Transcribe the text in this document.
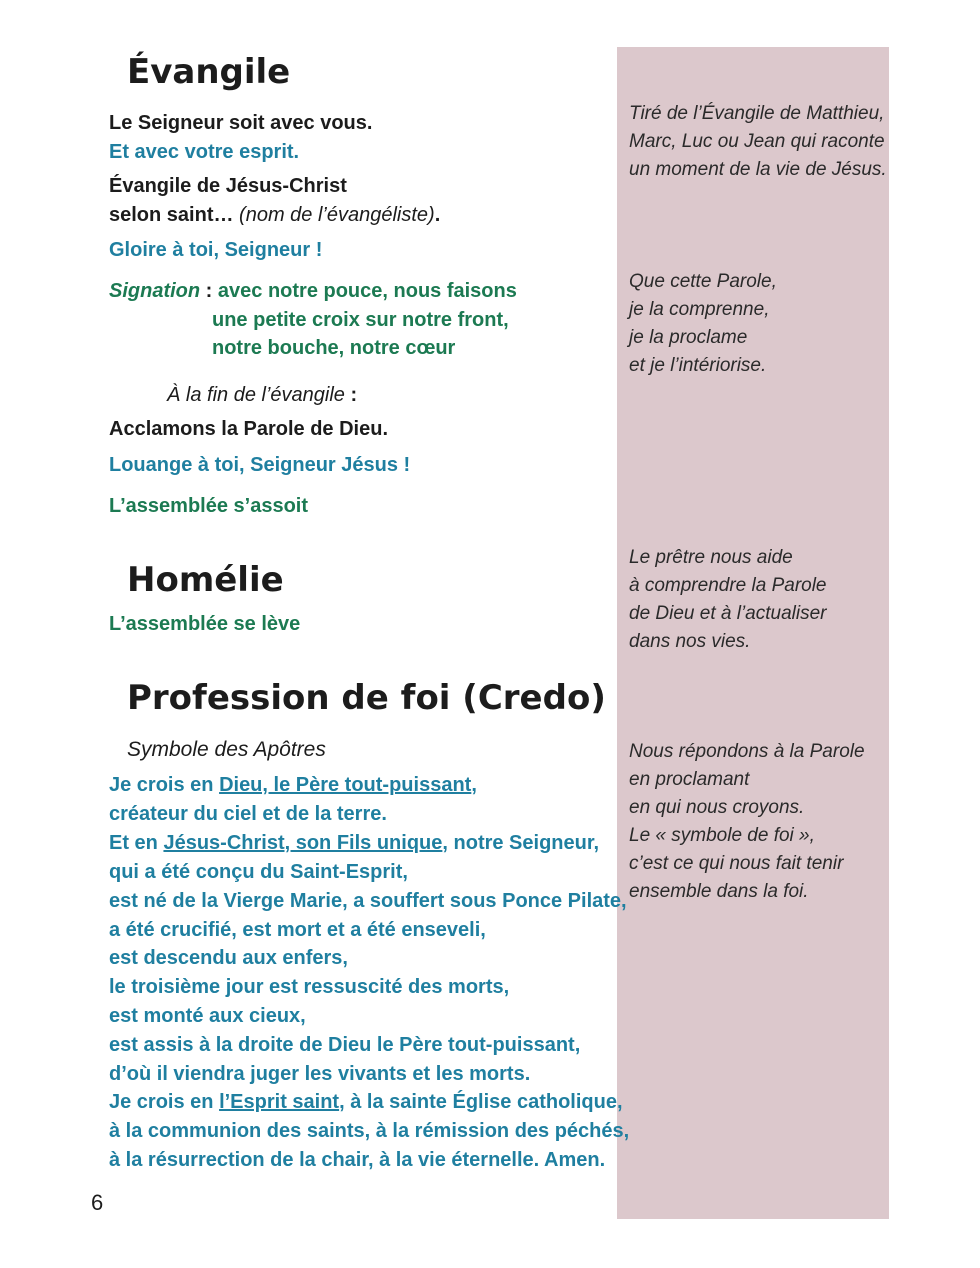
Évangile
Le Seigneur soit avec vous.
Et avec votre esprit.
Évangile de Jésus-Christ
selon saint… (nom de l’évangéliste).
Gloire à toi, Seigneur !
Signation : avec notre pouce, nous faisons
une petite croix sur notre front,
notre bouche, notre cœur
À la fin de l’évangile :
Acclamons la Parole de Dieu.
Louange à toi, Seigneur Jésus !
L’assemblée s’assoit
Homélie
L’assemblée se lève
Profession de foi (Credo)
Symbole des Apôtres
Je crois en Dieu, le Père tout-puissant,
créateur du ciel et de la terre.
Et en Jésus-Christ, son Fils unique, notre Seigneur,
qui a été conçu du Saint-Esprit,
est né de la Vierge Marie, a souffert sous Ponce Pilate,
a été crucifié, est mort et a été enseveli,
est descendu aux enfers,
le troisième jour est ressuscité des morts,
est monté aux cieux,
est assis à la droite de Dieu le Père tout-puissant,
d’où il viendra juger les vivants et les morts.
Je crois en l’Esprit saint, à la sainte Église catholique,
à la communion des saints, à la rémission des péchés,
à la résurrection de la chair, à la vie éternelle. Amen.
Tiré de l’Évangile de Matthieu,
Marc, Luc ou Jean qui raconte
un moment de la vie de Jésus.
Que cette Parole,
je la comprenne,
je la proclame
et je l’intériorise.
Le prêtre nous aide
à comprendre la Parole
de Dieu et à l’actualiser
dans nos vies.
Nous répondons à la Parole
en proclamant
en qui nous croyons.
Le « symbole de foi »,
c’est ce qui nous fait tenir
ensemble dans la foi.
6
